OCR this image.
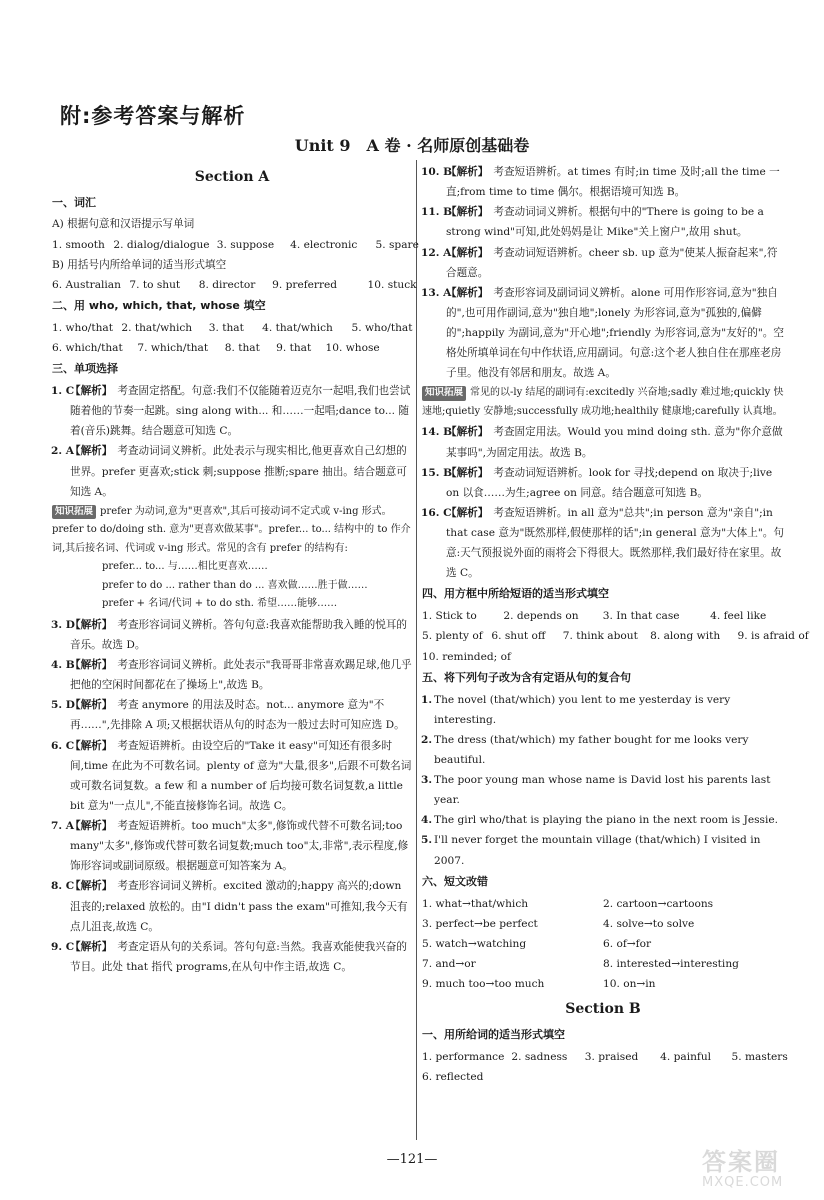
附:参考答案与解析
Unit 9　A 卷 · 名师原创基础卷
Section A
一、词汇
A) 根据句意和汉语提示写单词
1. smooth 2. dialog/dialogue 3. suppose 4. electronic 5. spare
B) 用括号内所给单词的适当形式填空
6. Australian 7. to shut 8. director 9. preferred	10. stuck
二、用 who, which, that, whose 填空
1. who/that 2. that/which 3. that 4. that/which 5. who/that
6. which/that 7. which/that 8. that 9. that 10. whose
三、单项选择
1. C
【解析】 考查固定搭配。句意:我们不仅能随着迈克尔一起唱,我们也尝试随着他的节奏一起跳。sing along with... 和……一起唱;dance to... 随着(音乐)跳舞。结合题意可知选 C。
2. A
【解析】 考查动词词义辨析。此处表示与现实相比,他更喜欢自己幻想的世界。prefer 更喜欢;stick 刺;suppose 推断;spare 抽出。结合题意可知选 A。
知识拓展 prefer 为动词,意为"更喜欢",其后可接动词不定式或 v-ing 形式。prefer to do/doing sth. 意为"更喜欢做某事"。prefer... to... 结构中的 to 作介词,其后接名词、代词或 v-ing 形式。常见的含有 prefer 的结构有:
prefer... to... 与……相比更喜欢……
prefer to do ... rather than do ... 喜欢做……胜于做……
prefer + 名词/代词 + to do sth. 希望……能够……
3. D
【解析】 考查形容词词义辨析。答句句意:我喜欢能帮助我入睡的悦耳的音乐。故选 D。
4. B
【解析】 考查形容词词义辨析。此处表示"我哥哥非常喜欢踢足球,他几乎把他的空闲时间都花在了操场上",故选 B。
5. D
【解析】 考查 anymore 的用法及时态。not... anymore 意为"不再……",先排除 A 项;又根据状语从句的时态为一般过去时可知应选 D。
6. C
【解析】 考查短语辨析。由设空后的"Take it easy"可知还有很多时间,time 在此为不可数名词。plenty of 意为"大量,很多",后跟不可数名词或可数名词复数。a few 和 a number of 后均接可数名词复数,a little bit 意为"一点儿",不能直接修饰名词。故选 C。
7. A
【解析】 考查短语辨析。too much"太多",修饰或代替不可数名词;too many"太多",修饰或代替可数名词复数;much too"太,非常",表示程度,修饰形容词或副词原级。根据题意可知答案为 A。
8. C
【解析】 考查形容词词义辨析。excited 激动的;happy 高兴的;down 沮丧的;relaxed 放松的。由"I didn't pass the exam"可推知,我今天有点儿沮丧,故选 C。
9. C
【解析】 考查定语从句的关系词。答句句意:当然。我喜欢能使我兴奋的节目。此处 that 指代 programs,在从句中作主语,故选 C。
10. B
【解析】 考查短语辨析。at times 有时;in time 及时;all the time 一直;from time to time 偶尔。根据语境可知选 B。
11. B
【解析】 考查动词词义辨析。根据句中的"There is going to be a strong wind"可知,此处妈妈是让 Mike"关上窗户",故用 shut。
12. A
【解析】 考查动词短语辨析。cheer sb. up 意为"使某人振奋起来",符合题意。
13. A
【解析】 考查形容词及副词词义辨析。alone 可用作形容词,意为"独自的",也可用作副词,意为"独自地";lonely 为形容词,意为"孤独的,偏僻的";happily 为副词,意为"开心地";friendly 为形容词,意为"友好的"。空格处所填单词在句中作状语,应用副词。句意:这个老人独自住在那座老房子里。他没有邻居和朋友。故选 A。
知识拓展 常见的以-ly 结尾的副词有:excitedly 兴奋地;sadly 难过地;quickly 快速地;quietly 安静地;successfully 成功地;healthily 健康地;carefully 认真地。
14. B
【解析】 考查固定用法。Would you mind doing sth. 意为"你介意做某事吗",为固定用法。故选 B。
15. B
【解析】 考查动词短语辨析。look for 寻找;depend on 取决于;live on 以食……为生;agree on 同意。结合题意可知选 B。
16. C
【解析】 考查短语辨析。in all 意为"总共";in person 意为"亲自";in that case 意为"既然那样,假使那样的话";in general 意为"大体上"。句意:天气预报说外面的雨将会下得很大。既然那样,我们最好待在家里。故选 C。
四、用方框中所给短语的适当形式填空
1. Stick to	2. depends on 3. In that case	4. feel like
5. plenty of 6. shut off 7. think about 8. along with 9. is afraid of
10. reminded; of
五、将下列句子改为含有定语从句的复合句
1. The novel (that/which) you lent to me yesterday is very interesting.
2. The dress (that/which) my father bought for me looks very beautiful.
3. The poor young man whose name is David lost his parents last year.
4. The girl who/that is playing the piano in the next room is Jessie.
5. I'll never forget the mountain village (that/which) I visited in 2007.
六、短文改错
1. what→that/which	2. cartoon→cartoons
3. perfect→be perfect	4. solve→to solve
5. watch→watching	6. of→for
7. and→or	8. interested→interesting
9. much too→too much	10. on→in
Section B
一、用所给词的适当形式填空
1. performance 2. sadness 3. praised 4. painful 5. masters
6. reflected
—121—	答案圈
MXQE.COM
